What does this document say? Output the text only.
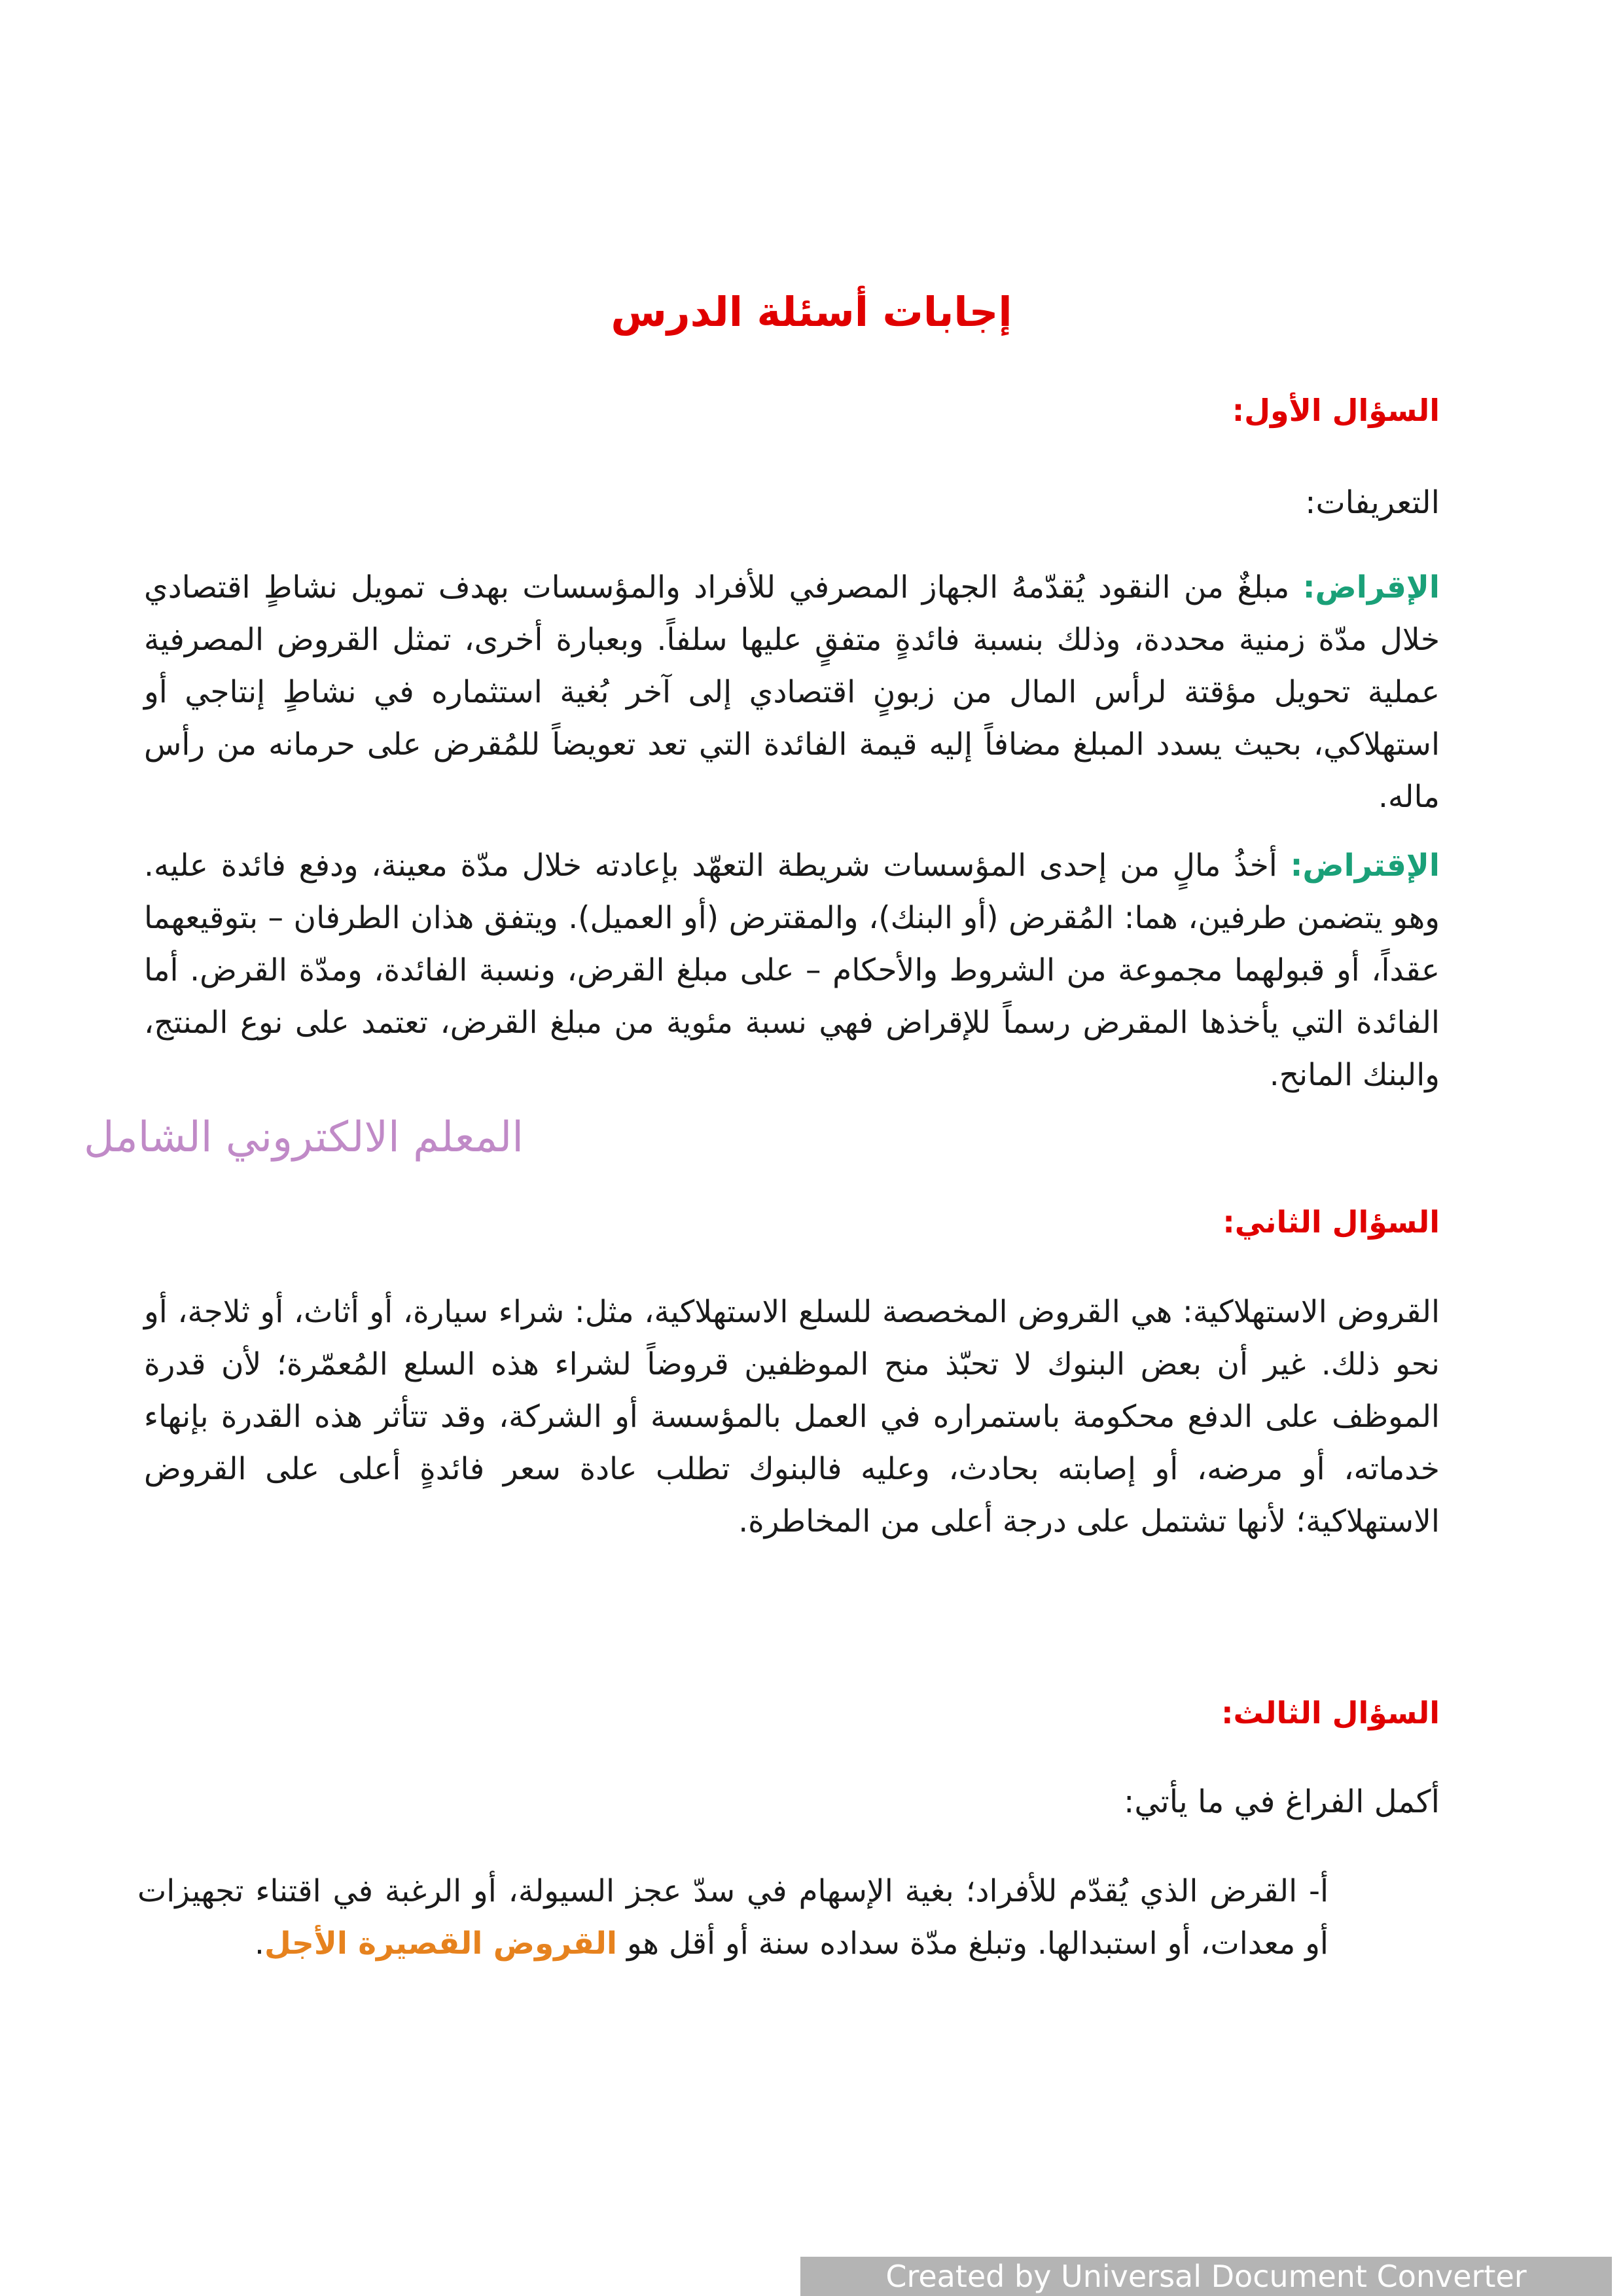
إجابات أسئلة الدرس
السؤال الأول:
التعريفات:
الإقراض: مبلغٌ من النقود يُقدّمهُ الجهاز المصرفي للأفراد والمؤسسات بهدف تمويل نشاطٍ اقتصادي خلال مدّة زمنية محددة، وذلك بنسبة فائدةٍ متفقٍ عليها سلفاً. وبعبارة أخرى، تمثل القروض المصرفية عملية تحويل مؤقتة لرأس المال من زبونٍ اقتصادي إلى آخر بُغية استثماره في نشاطٍ إنتاجي أو استهلاكي، بحيث يسدد المبلغ مضافاً إليه قيمة الفائدة التي تعد تعويضاً للمُقرض على حرمانه من رأس ماله.
الإقتراض: أخذُ مالٍ من إحدى المؤسسات شريطة التعهّد بإعادته خلال مدّة معينة، ودفع فائدة عليه. وهو يتضمن طرفين، هما: المُقرض (أو البنك)، والمقترض (أو العميل). ويتفق هذان الطرفان – بتوقيعهما عقداً، أو قبولهما مجموعة من الشروط والأحكام – على مبلغ القرض، ونسبة الفائدة، ومدّة القرض. أما الفائدة التي يأخذها المقرض رسماً للإقراض فهي نسبة مئوية من مبلغ القرض، تعتمد على نوع المنتج، والبنك المانح.
المعلم الالكتروني الشامل
السؤال الثاني:
القروض الاستهلاكية: هي القروض المخصصة للسلع الاستهلاكية، مثل: شراء سيارة، أو أثاث، أو ثلاجة، أو نحو ذلك. غير أن بعض البنوك لا تحبّذ منح الموظفين قروضاً لشراء هذه السلع المُعمّرة؛ لأن قدرة الموظف على الدفع محكومة باستمراره في العمل بالمؤسسة أو الشركة، وقد تتأثر هذه القدرة بإنهاء خدماته، أو مرضه، أو إصابته بحادث، وعليه فالبنوك تطلب عادة سعر فائدةٍ أعلى على القروض الاستهلاكية؛ لأنها تشتمل على درجة أعلى من المخاطرة.
السؤال الثالث:
أكمل الفراغ في ما يأتي:
أ- القرض الذي يُقدّم للأفراد؛ بغية الإسهام في سدّ عجز السيولة، أو الرغبة في اقتناء تجهيزات أو معدات، أو استبدالها. وتبلغ مدّة سداده سنة أو أقل هو القروض القصيرة الأجل.
Created by Universal Document Converter
